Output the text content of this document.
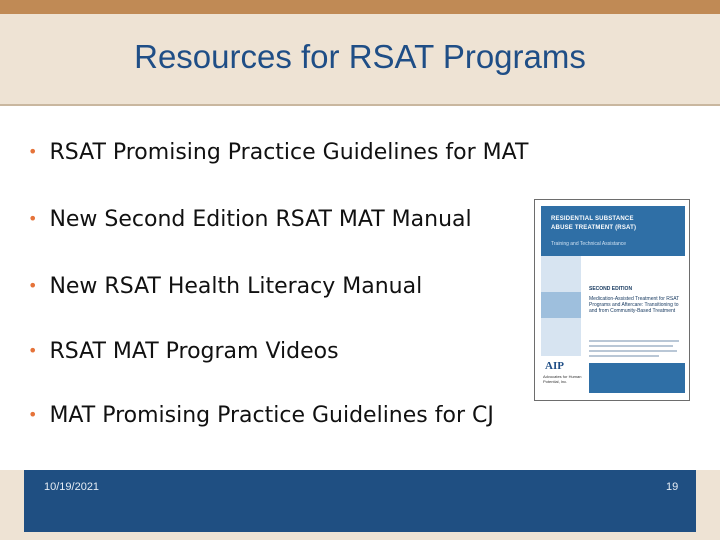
Resources for RSAT Programs
• RSAT Promising Practice Guidelines for MAT
• New Second Edition RSAT MAT Manual
• New RSAT Health Literacy Manual
• RSAT MAT Program Videos
• MAT Promising Practice Guidelines for CJ
RESIDENTIAL SUBSTANCE
ABUSE TREATMENT (RSAT)
Training and Technical Assistance
SECOND EDITION
Medication-Assisted Treatment for RSAT Programs and Aftercare: Transitioning to and from Community-Based Treatment
AIP
Advocates for Human Potential, Inc.
10/19/2021	19
